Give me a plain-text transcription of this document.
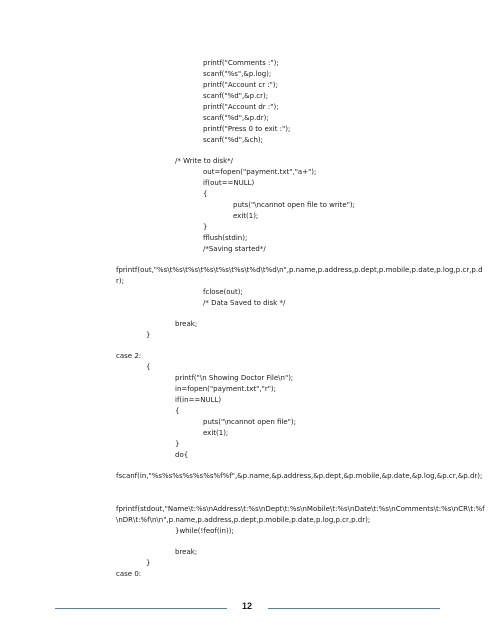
printf("Comments :");
scanf("%s",&p.log);
printf("Account cr :");
scanf("%d",&p.cr);
printf("Account dr :");
scanf("%d",&p.dr);
printf("Press 0 to exit :");
scanf("%d",&ch);
/* Write to disk*/
out=fopen("payment.txt","a+");
if(out==NULL)
{
puts("\ncannot open file to write");
exit(1);
}
fflush(stdin);
/*Saving started*/
fprintf(out,"%s\t%s\t%s\t%s\t%s\t%s\t%d\t%d\n",p.name,p.address,p.dept,p.mobile,p.date,p.log,p.cr,p.dr);
fclose(out);
/* Data Saved to disk */
break;
}
case 2:
{
printf("\n Showing Doctor File\n");
in=fopen("payment.txt","r");
if(in==NULL)
{
puts("\ncannot open file");
exit(1);
}
do{
fscanf(in,"%s%s%s%s%s%s%f%f",&p.name,&p.address,&p.dept,&p.mobile,&p.date,&p.log,&p.cr,&p.dr);
fprintf(stdout,"Name\t:%s\nAddress\t:%s\nDept\t:%s\nMobile\t:%s\nDate\t:%s\nComments\t:%s\nCR\t:%f\nDR\t:%f\n\n",p.name,p.address,p.dept,p.mobile,p.date,p.log,p.cr,p.dr);
}while(!feof(in));
break;
}
case 0:
12
